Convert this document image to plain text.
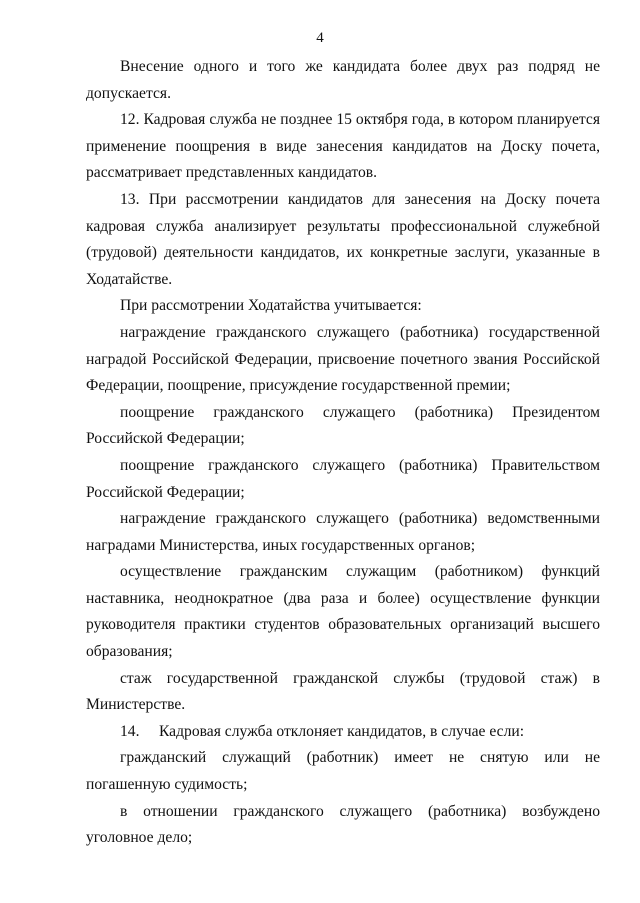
4

Внесение одного и того же кандидата более двух раз подряд не допускается.

12. Кадровая служба не позднее 15 октября года, в котором планируется применение поощрения в виде занесения кандидатов на Доску почета, рассматривает представленных кандидатов.

13. При рассмотрении кандидатов для занесения на Доску почета кадровая служба анализирует результаты профессиональной служебной (трудовой) деятельности кандидатов, их конкретные заслуги, указанные в Ходатайстве.

При рассмотрении Ходатайства учитывается:

награждение гражданского служащего (работника) государственной наградой Российской Федерации, присвоение почетного звания Российской Федерации, поощрение, присуждение государственной премии;

поощрение гражданского служащего (работника) Президентом Российской Федерации;

поощрение гражданского служащего (работника) Правительством Российской Федерации;

награждение гражданского служащего (работника) ведомственными наградами Министерства, иных государственных органов;

осуществление гражданским служащим (работником) функций наставника, неоднократное (два раза и более) осуществление функции руководителя практики студентов образовательных организаций высшего образования;

стаж государственной гражданской службы (трудовой стаж) в Министерстве.

14.     Кадровая служба отклоняет кандидатов, в случае если:

гражданский служащий (работник) имеет не снятую или не погашенную судимость;

в отношении гражданского служащего (работника) возбуждено уголовное дело;
